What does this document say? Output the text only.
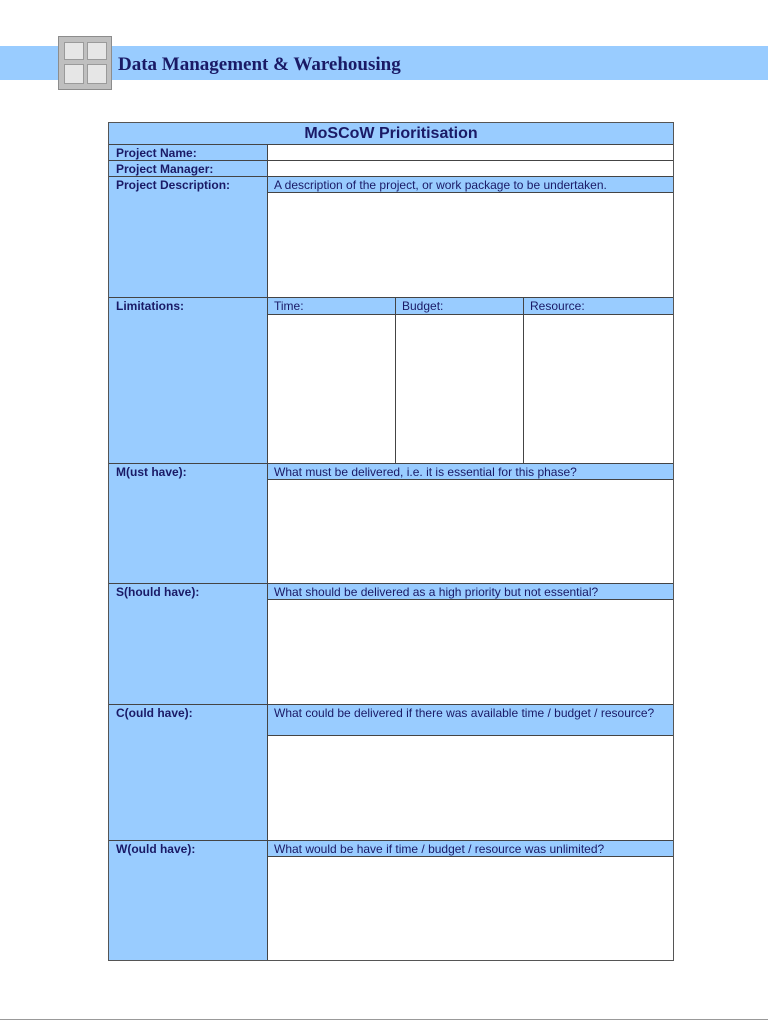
Data Management & Warehousing
MoSCoW Prioritisation
Project Name:
Project Manager:
Project Description:
Limitations:
M(ust have):
S(hould have):
C(ould have):
W(ould have):
A description of the project, or work package to be undertaken.
Time:	Budget:	Resource:
What must be delivered, i.e. it is essential for this phase?
What should be delivered as a high priority but not essential?
What could be delivered if there was available time / budget / resource?
What would be have if time / budget / resource was unlimited?
